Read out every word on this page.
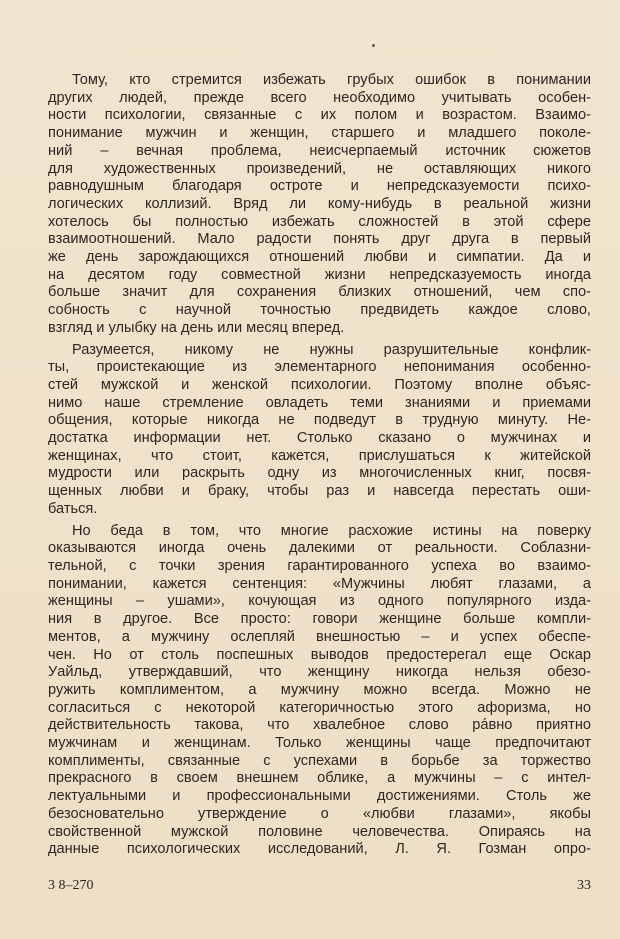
Тому, кто стремится избежать грубых ошибок в понимании
других людей, прежде всего необходимо учитывать особен-
ности психологии, связанные с их полом и возрастом. Взаимо-
понимание мужчин и женщин, старшего и младшего поколе-
ний – вечная проблема, неисчерпаемый источник сюжетов
для художественных произведений, не оставляющих никого
равнодушным благодаря остроте и непредсказуемости психо-
логических коллизий. Вряд ли кому-нибудь в реальной жизни
хотелось бы полностью избежать сложностей в этой сфере
взаимоотношений. Мало радости понять друг друга в первый
же день зарождающихся отношений любви и симпатии. Да и
на десятом году совместной жизни непредсказуемость иногда
больше значит для сохранения близких отношений, чем спо-
собность с научной точностью предвидеть каждое слово,
взгляд и улыбку на день или месяц вперед.
Разумеется, никому не нужны разрушительные конфлик-
ты, проистекающие из элементарного непонимания особенно-
стей мужской и женской психологии. Поэтому вполне объяс-
нимо наше стремление овладеть теми знаниями и приемами
общения, которые никогда не подведут в трудную минуту. Не-
достатка информации нет. Столько сказано о мужчинах и
женщинах, что стоит, кажется, прислушаться к житейской
мудрости или раскрыть одну из многочисленных книг, посвя-
щенных любви и браку, чтобы раз и навсегда перестать оши-
баться.
Но беда в том, что многие расхожие истины на поверку
оказываются иногда очень далекими от реальности. Соблазни-
тельной, с точки зрения гарантированного успеха во взаимо-
понимании, кажется сентенция: «Мужчины любят глазами, а
женщины – ушами», кочующая из одного популярного изда-
ния в другое. Все просто: говори женщине больше компли-
ментов, а мужчину ослепляй внешностью – и успех обеспе-
чен. Но от столь поспешных выводов предостерегал еще Оскар
Уайльд, утверждавший, что женщину никогда нельзя обезо-
ружить комплиментом, а мужчину можно всегда. Можно не
согласиться с некоторой категоричностью этого афоризма, но
действительность такова, что хвалебное слово рáвно приятно
мужчинам и женщинам. Только женщины чаще предпочитают
комплименты, связанные с успехами в борьбе за торжество
прекрасного в своем внешнем облике, а мужчины – с интел-
лектуальными и профессиональными достижениями. Столь же
безосновательно утверждение о «любви глазами», якобы
свойственной мужской половине человечества. Опираясь на
данные психологических исследований, Л. Я. Гозман опро-
3 8–270	33
